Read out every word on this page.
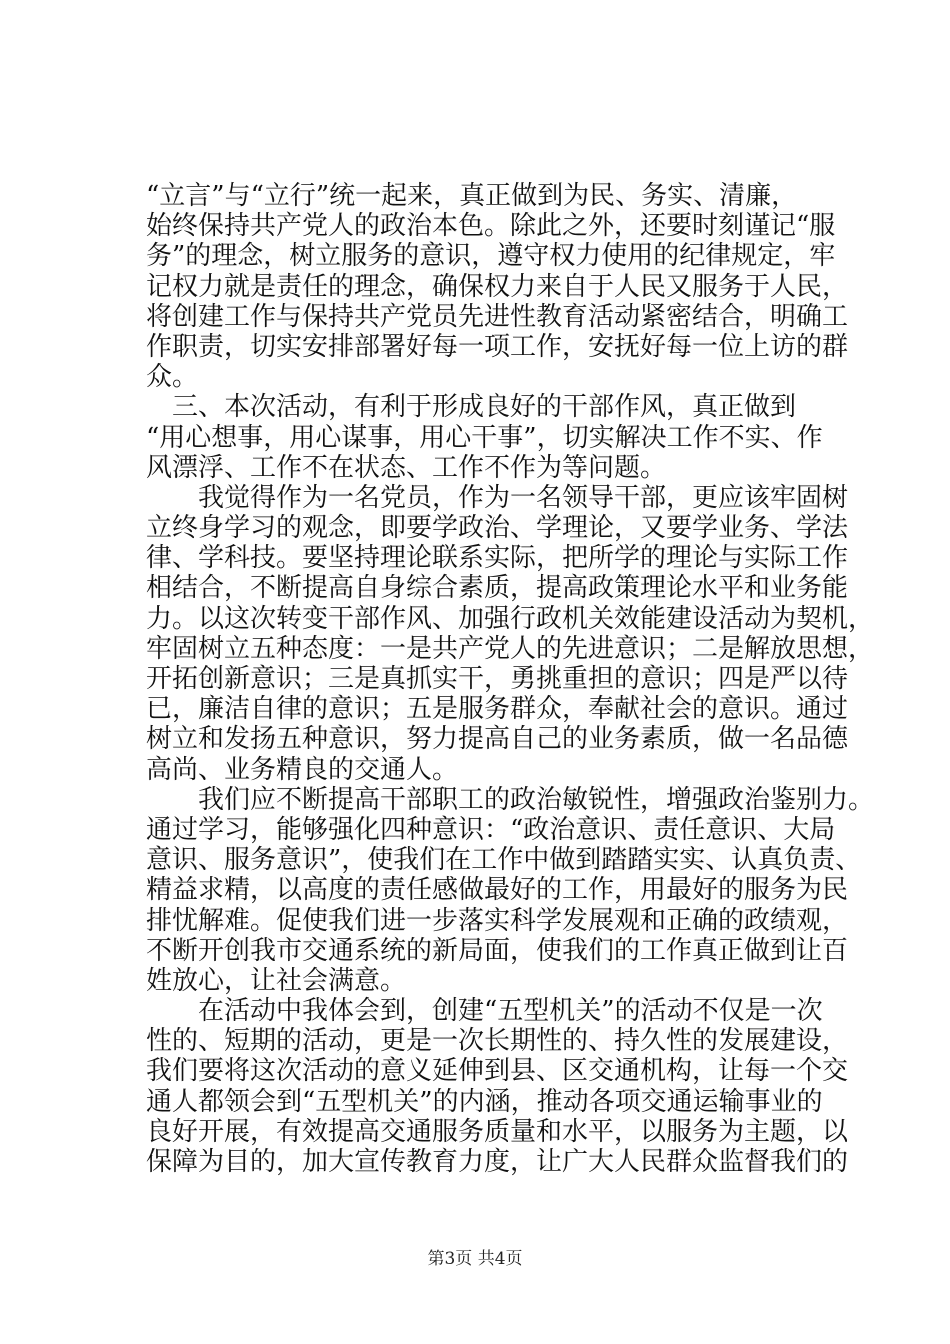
“立言”与“立行”统一起来，真正做到为民、务实、清廉，
始终保持共产党人的政治本色。除此之外，还要时刻谨记“服
务”的理念，树立服务的意识，遵守权力使用的纪律规定，牢
记权力就是责任的理念，确保权力来自于人民又服务于人民，
将创建工作与保持共产党员先进性教育活动紧密结合，明确工
作职责，切实安排部署好每一项工作，安抚好每一位上访的群
众。
　三、本次活动，有利于形成良好的干部作风，真正做到
“用心想事，用心谋事，用心干事”，切实解决工作不实、作
风漂浮、工作不在状态、工作不作为等问题。
　　我觉得作为一名党员，作为一名领导干部，更应该牢固树
立终身学习的观念，即要学政治、学理论，又要学业务、学法
律、学科技。要坚持理论联系实际，把所学的理论与实际工作
相结合，不断提高自身综合素质，提高政策理论水平和业务能
力。以这次转变干部作风、加强行政机关效能建设活动为契机，
牢固树立五种态度：一是共产党人的先进意识；二是解放思想，
开拓创新意识；三是真抓实干，勇挑重担的意识；四是严以待
已，廉洁自律的意识；五是服务群众，奉献社会的意识。通过
树立和发扬五种意识，努力提高自己的业务素质，做一名品德
高尚、业务精良的交通人。
　　我们应不断提高干部职工的政治敏锐性，增强政治鉴别力。
通过学习，能够强化四种意识：“政治意识、责任意识、大局
意识、服务意识”，使我们在工作中做到踏踏实实、认真负责、
精益求精，以高度的责任感做最好的工作，用最好的服务为民
排忧解难。促使我们进一步落实科学发展观和正确的政绩观，
不断开创我市交通系统的新局面，使我们的工作真正做到让百
姓放心，让社会满意。
　　在活动中我体会到，创建“五型机关”的活动不仅是一次
性的、短期的活动，更是一次长期性的、持久性的发展建设，
我们要将这次活动的意义延伸到县、区交通机构，让每一个交
通人都领会到“五型机关”的内涵，推动各项交通运输事业的
良好开展，有效提高交通服务质量和水平，以服务为主题，以
保障为目的，加大宣传教育力度，让广大人民群众监督我们的
第3页 共4页
